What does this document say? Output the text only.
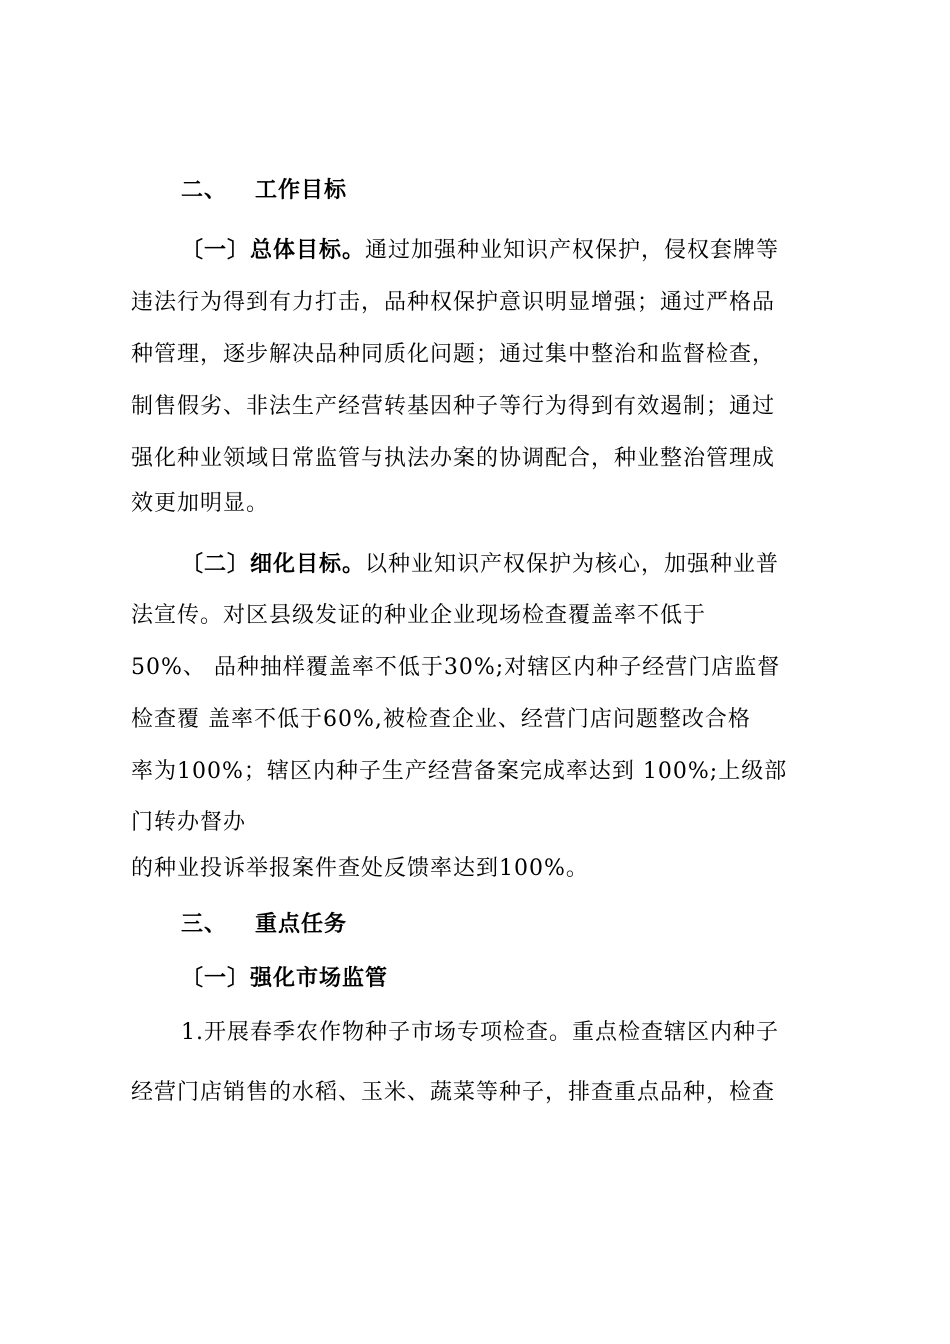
二、 工作目标
〔一〕总体目标。通过加强种业知识产权保护，侵权套牌等
违法行为得到有力打击，品种权保护意识明显增强；通过严格品
种管理，逐步解决品种同质化问题；通过集中整治和监督检查，
制售假劣、非法生产经营转基因种子等行为得到有效遏制；通过
强化种业领域日常监管与执法办案的协调配合，种业整治管理成
效更加明显。
〔二〕细化目标。以种业知识产权保护为核心，加强种业普
法宣传。对区县级发证的种业企业现场检查覆盖率不低于
50%、 品种抽样覆盖率不低于30%;对辖区内种子经营门店监督
检查覆 盖率不低于60%,被检查企业、经营门店问题整改合格
率为100%；辖区内种子生产经营备案完成率达到 100%;上级部
门转办督办
的种业投诉举报案件查处反馈率达到100%。
三、 重点任务
〔一〕强化市场监管
1.开展春季农作物种子市场专项检查。重点检查辖区内种子
经营门店销售的水稻、玉米、蔬菜等种子，排查重点品种，检查
